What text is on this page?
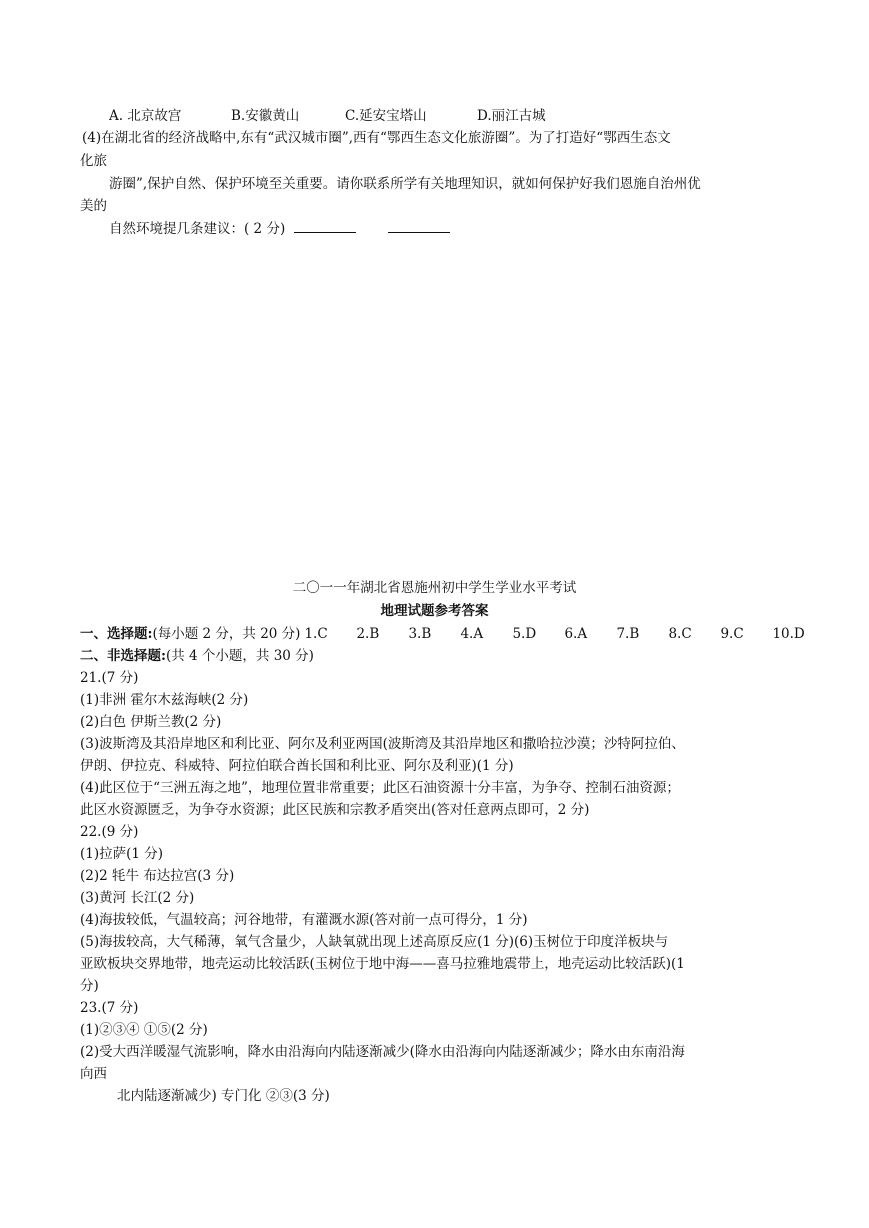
A. 北京故宫	B.安徽黄山	C.延安宝塔山	D.丽江古城
(4)在湖北省的经济战略中,东有“武汉城市圈”,西有“鄂西生态文化旅游圈”。为了打造好“鄂西生态文
化旅
游圈”,保护自然、保护环境至关重要。请你联系所学有关地理知识，就如何保护好我们恩施自治州优
美的
自然环境提几条建议：( 2 分)
二〇一一年湖北省恩施州初中学生学业水平考试
地理试题参考答案
一、选择题:(每小题 2 分，共 20 分) 1.C 2.B 3.B 4.A 5.D 6.A 7.B 8.C 9.C 10.D
二、非选择题:(共 4 个小题，共 30 分)
21.(7 分)
(1)非洲 霍尔木兹海峡(2 分)
(2)白色 伊斯兰教(2 分)
(3)波斯湾及其沿岸地区和利比亚、阿尔及利亚两国(波斯湾及其沿岸地区和撒哈拉沙漠；沙特阿拉伯、
伊朗、伊拉克、科威特、阿拉伯联合酋长国和利比亚、阿尔及利亚)(1 分)
(4)此区位于“三洲五海之地”，地理位置非常重要；此区石油资源十分丰富，为争夺、控制石油资源；
此区水资源匮乏，为争夺水资源；此区民族和宗教矛盾突出(答对任意两点即可，2 分)
22.(9 分)
(1)拉萨(1 分)
(2)2 牦牛 布达拉宫(3 分)
(3)黄河 长江(2 分)
(4)海拔较低，气温较高；河谷地带，有灌溉水源(答对前一点可得分，1 分)
(5)海拔较高，大气稀薄，氧气含量少，人缺氧就出现上述高原反应(1 分)(6)玉树位于印度洋板块与
亚欧板块交界地带，地壳运动比较活跃(玉树位于地中海——喜马拉雅地震带上，地壳运动比较活跃)(1
分)
23.(7 分)
(1)②③④ ①⑤(2 分)
(2)受大西洋暖湿气流影响，降水由沿海向内陆逐渐减少(降水由沿海向内陆逐渐减少；降水由东南沿海
向西
北内陆逐渐减少) 专门化 ②③(3 分)
